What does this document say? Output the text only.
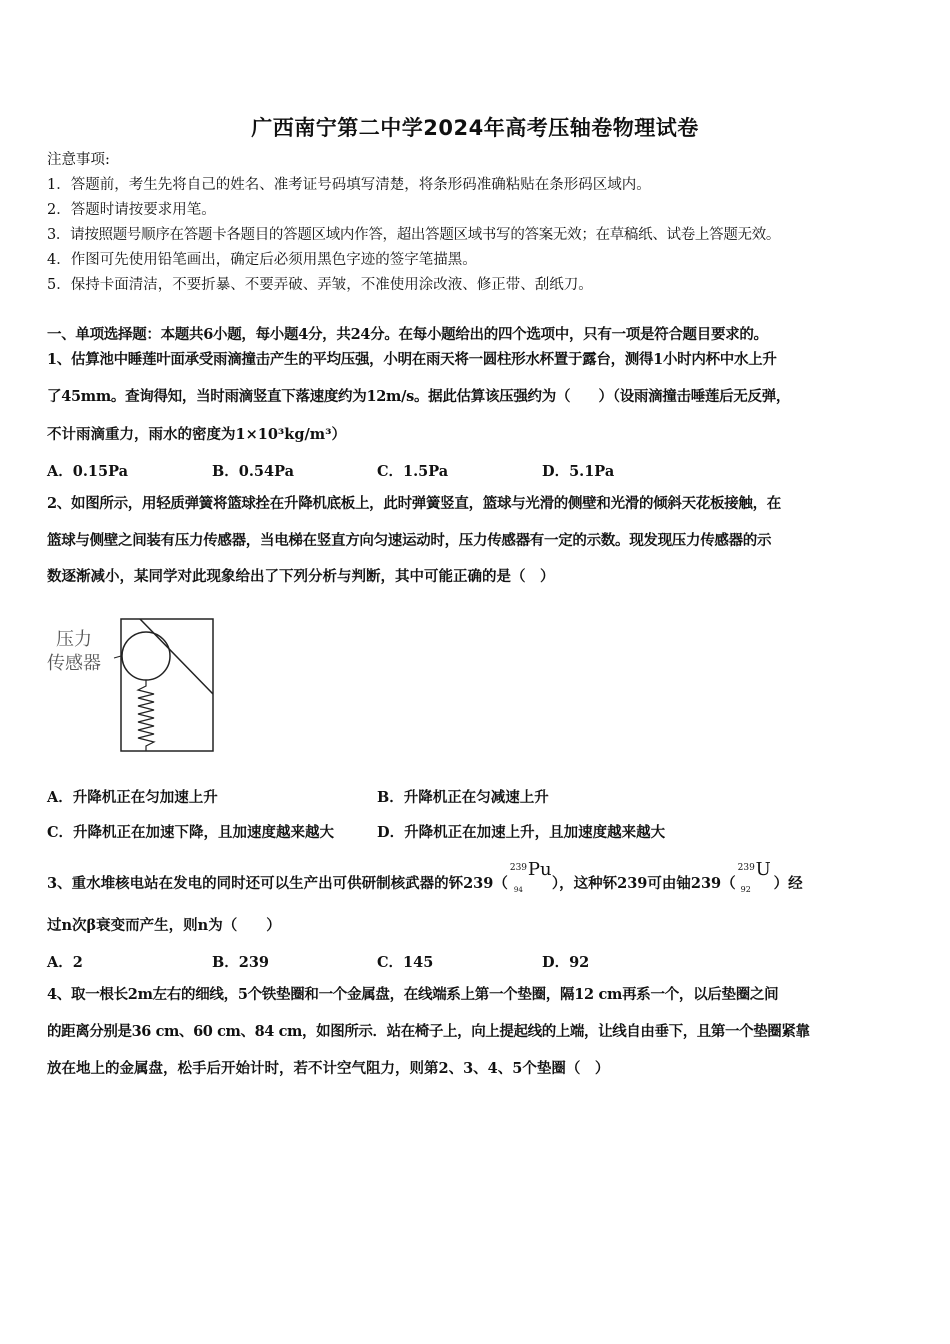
广西南宁第二中学2024年高考压轴卷物理试卷
注意事项:
1．答题前，考生先将自己的姓名、准考证号码填写清楚，将条形码准确粘贴在条形码区域内。
2．答题时请按要求用笔。
3．请按照题号顺序在答题卡各题目的答题区域内作答，超出答题区域书写的答案无效；在草稿纸、试卷上答题无效。
4．作图可先使用铅笔画出，确定后必须用黑色字迹的签字笔描黑。
5．保持卡面清洁，不要折暴、不要弄破、弄皱，不准使用涂改液、修正带、刮纸刀。
一、单项选择题：本题共6小题，每小题4分，共24分。在每小题给出的四个选项中，只有一项是符合题目要求的。
1、估算池中睡莲叶面承受雨滴撞击产生的平均压强，小明在雨天将一圆柱形水杯置于露台，测得1小时内杯中水上升
了45mm。查询得知，当时雨滴竖直下落速度约为12m/s。据此估算该压强约为（　　）（设雨滴撞击唾莲后无反弹，
不计雨滴重力，雨水的密度为1×10³kg/m³）
A．0.15Pa	B．0.54Pa	C．1.5Pa	D．5.1Pa
2、如图所示，用轻质弹簧将篮球拴在升降机底板上，此时弹簧竖直，篮球与光滑的侧壁和光滑的倾斜天花板接触，在
篮球与侧壁之间装有压力传感器，当电梯在竖直方向匀速运动时，压力传感器有一定的示数。现发现压力传感器的示
数逐渐减小，某同学对此现象给出了下列分析与判断，其中可能正确的是（　）
压力
传感器
A．升降机正在匀加速上升	B．升降机正在匀减速上升
C．升降机正在加速下降，且加速度越来越大	D．升降机正在加速上升，且加速度越来越大
3、重水堆核电站在发电的同时还可以生产出可供研制核武器的钚239（
239
94
Pu
），这种钚239可由铀239（
239
92
U
）经
过n次β衰变而产生，则n为（　　）
A．2	B．239	C．145	D．92
4、取一根长2m左右的细线，5个铁垫圈和一个金属盘，在线端系上第一个垫圈，隔12 cm再系一个，以后垫圈之间
的距离分别是36 cm、60 cm、84 cm，如图所示．站在椅子上，向上提起线的上端，让线自由垂下，且第一个垫圈紧靠
放在地上的金属盘，松手后开始计时，若不计空气阻力，则第2、3、4、5个垫圈（　）
